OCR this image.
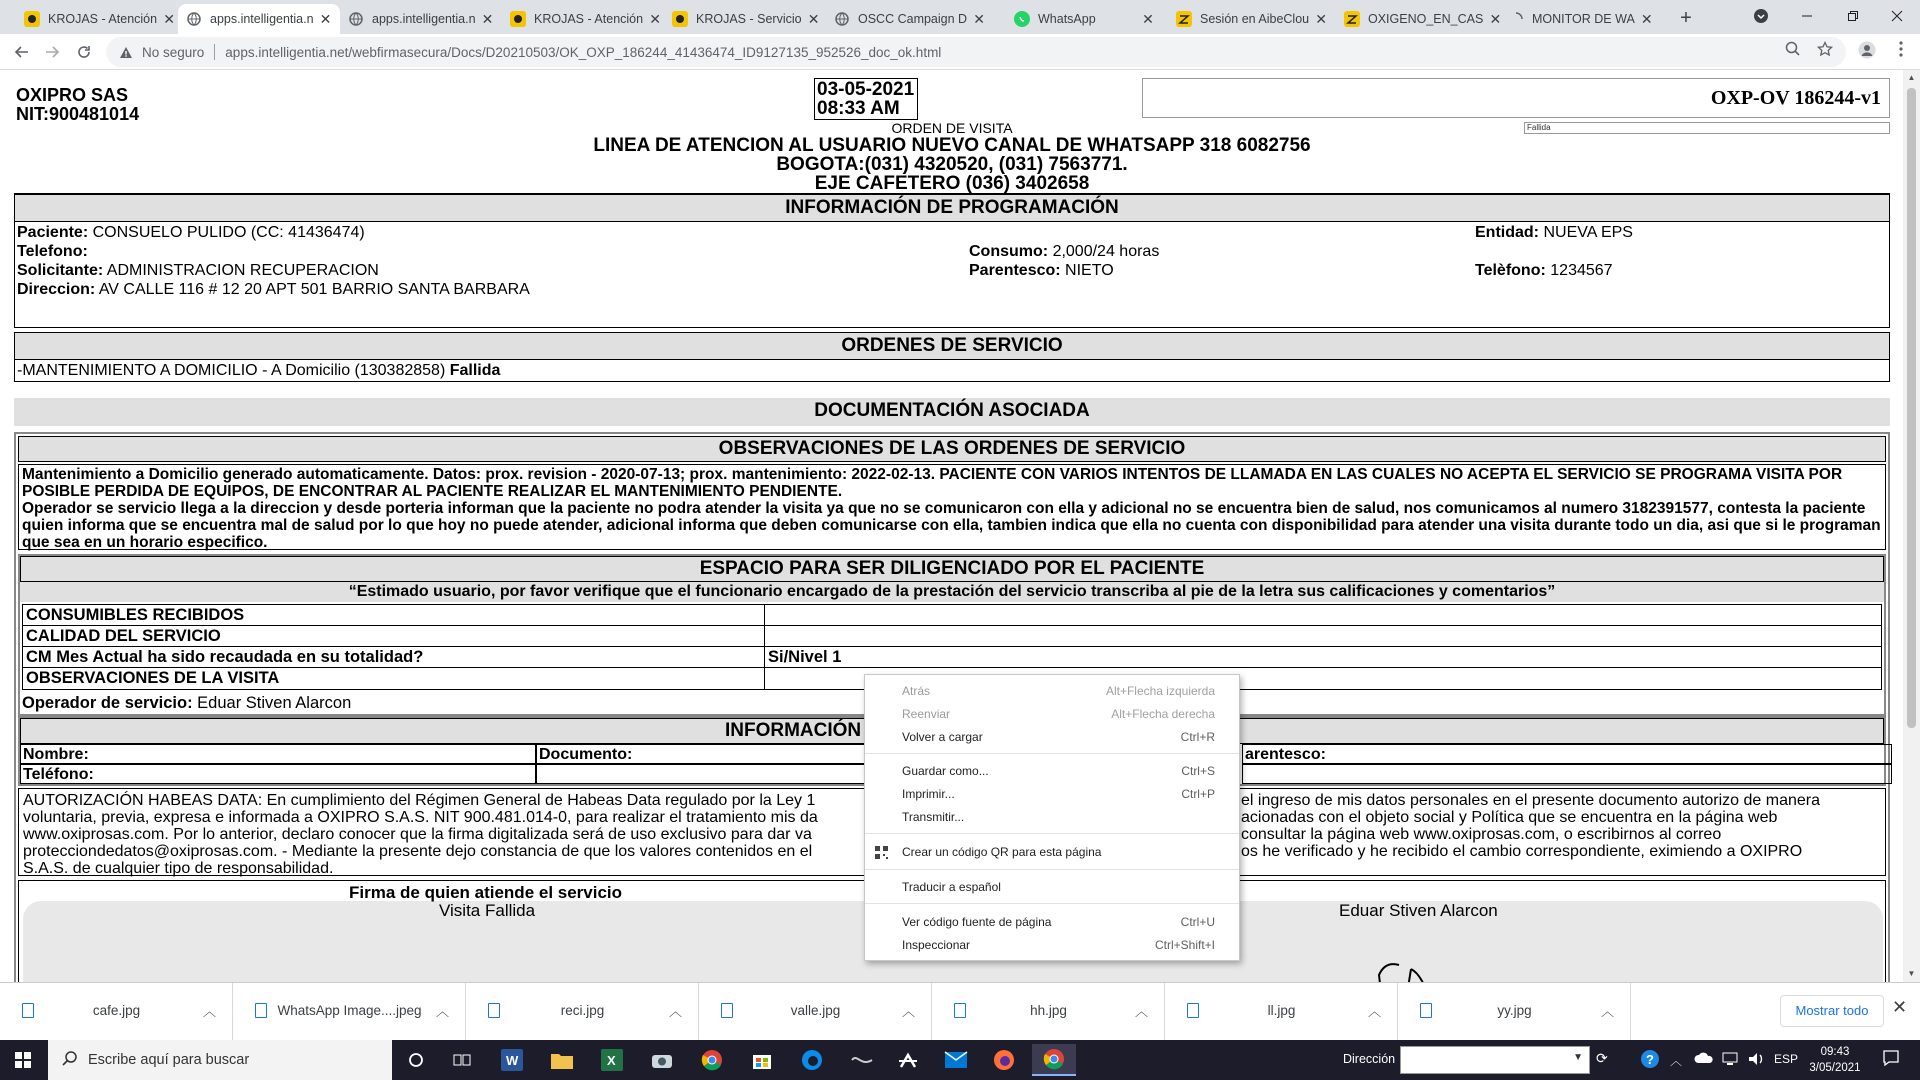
KROJAS - Atención ✕	apps.intelligentia.n ✕	apps.intelligentia.n ✕	KROJAS - Atención ✕	KROJAS - Servicio ✕	OSCC Campaign D ✕	WhatsApp	✕	Sesión en AibeClou ✕	OXIGENO_EN_CAS ✕ MONITOR DE WA ✕	+
No seguro apps.intelligentia.net/webfirmasecura/Docs/D20210503/OK_OXP_186244_41436474_ID9127135_952526_doc_ok.html
OXIPRO SAS
NIT:900481014
03-05-2021
08:33 AM	OXP-OV 186244-v1
Fallida
ORDEN DE VISITA
LINEA DE ATENCION AL USUARIO NUEVO CANAL DE WHATSAPP 318 6082756
BOGOTA:(031) 4320520, (031) 7563771.
EJE CAFETERO (036) 3402658
INFORMACIÓN DE PROGRAMACIÓN
Paciente: CONSUELO PULIDO (CC: 41436474)
Telefono:
Solicitante: ADMINISTRACION RECUPERACION
Direccion: AV CALLE 116 # 12 20 APT 501 BARRIO SANTA BARBARA
Consumo: 2,000/24 horas
Parentesco: NIETO
Entidad: NUEVA EPS
Telèfono: 1234567
ORDENES DE SERVICIO
-MANTENIMIENTO A DOMICILIO - A Domicilio (130382858) Fallida
DOCUMENTACIÓN ASOCIADA
OBSERVACIONES DE LAS ORDENES DE SERVICIO
Mantenimiento a Domicilio generado automaticamente. Datos: prox. revision - 2020-07-13; prox. mantenimiento: 2022-02-13. PACIENTE CON VARIOS INTENTOS DE LLAMADA EN LAS CUALES NO ACEPTA EL SERVICIO SE PROGRAMA VISITA POR POSIBLE PERDIDA DE EQUIPOS, DE ENCONTRAR AL PACIENTE REALIZAR EL MANTENIMIENTO PENDIENTE.
Operador se servicio llega a la direccion y desde porteria informan que la paciente no podra atender la visita ya que no se comunicaron con ella y adicional no se encuentra bien de salud, nos comunicamos al numero 3182391577, contesta la paciente quien informa que se encuentra mal de salud por lo que hoy no puede atender, adicional informa que deben comunicarse con ella, tambien indica que ella no cuenta con disponibilidad para atender una visita durante todo un dia, asi que si le programan que sea en un horario especifico.
ESPACIO PARA SER DILIGENCIADO POR EL PACIENTE
“Estimado usuario, por favor verifique que el funcionario encargado de la prestación del servicio transcriba al pie de la letra sus calificaciones y comentarios”
CONSUMIBLES RECIBIDOS
CALIDAD DEL SERVICIO
CM Mes Actual ha sido recaudada en su totalidad?	Si/Nivel 1
OBSERVACIONES DE LA VISITA
Operador de servicio: Eduar Stiven Alarcon
INFORMACIÓN
Nombre:	Documento:	arentesco:
Teléfono:
AUTORIZACIÓN HABEAS DATA: En cumplimiento del Régimen General de Habeas Data regulado por la Ley 1	el ingreso de mis datos personales en el presente documento autorizo de manera
voluntaria, previa, expresa e informada a OXIPRO S.A.S. NIT 900.481.014-0, para realizar el tratamiento mis da	acionadas con el objeto social y Política que se encuentra en la página web
www.oxiprosas.com. Por lo anterior, declaro conocer que la firma digitalizada será de uso exclusivo para dar va	consultar la página web www.oxiprosas.com, o escribirnos al correo
protecciondedatos@oxiprosas.com. - Mediante la presente dejo constancia de que los valores contenidos en el	os he verificado y he recibido el cambio correspondiente, eximiendo a OXIPRO
S.A.S. de cualquier tipo de responsabilidad.
Firma de quien atiende el servicio
Visita Fallida	Eduar Stiven Alarcon
▲
▼
Atrás	Alt+Flecha izquierda
Reenviar	Alt+Flecha derecha
Volver a cargar	Ctrl+R
Guardar como...	Ctrl+S
Imprimir...	Ctrl+P
Transmitir...
Crear un código QR para esta página
Traducir a español
Ver código fuente de página	Ctrl+U
Inspeccionar	Ctrl+Shift+I
cafe.jpg	︿	WhatsApp Image....jpeg	︿	reci.jpg	︿	valle.jpg	︿	hh.jpg	︿	ll.jpg	︿	yy.jpg	︿	Mostrar todo	✕
Escribe aquí para buscar	W	X	Dirección	▼ ⟳	? ︿	ESP	09:43
3/05/2021
